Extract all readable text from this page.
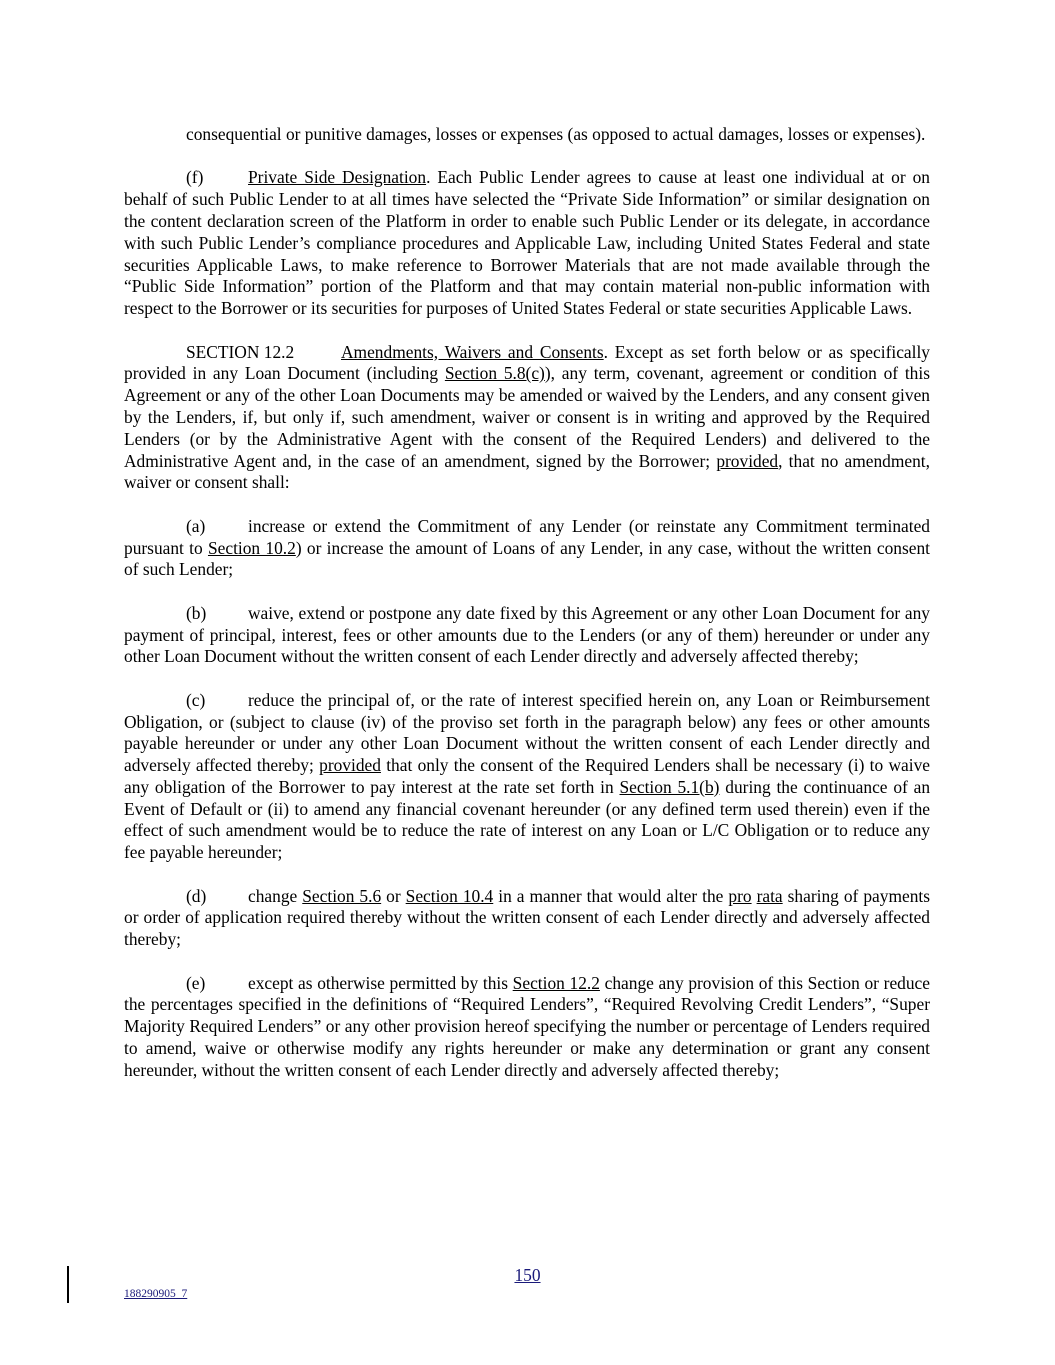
consequential or punitive damages, losses or expenses (as opposed to actual damages, losses or expenses).

(f)	Private Side Designation. Each Public Lender agrees to cause at least one individual at or on behalf of such Public Lender to at all times have selected the “Private Side Information” or similar designation on the content declaration screen of the Platform in order to enable such Public Lender or its delegate, in accordance with such Public Lender’s compliance procedures and Applicable Law, including United States Federal and state securities Applicable Laws, to make reference to Borrower Materials that are not made available through the “Public Side Information” portion of the Platform and that may contain material non-public information with respect to the Borrower or its securities for purposes of United States Federal or state securities Applicable Laws.

SECTION 12.2	Amendments, Waivers and Consents. Except as set forth below or as specifically provided in any Loan Document (including Section 5.8(c)), any term, covenant, agreement or condition of this Agreement or any of the other Loan Documents may be amended or waived by the Lenders, and any consent given by the Lenders, if, but only if, such amendment, waiver or consent is in writing and approved by the Required Lenders (or by the Administrative Agent with the consent of the Required Lenders) and delivered to the Administrative Agent and, in the case of an amendment, signed by the Borrower; provided, that no amendment, waiver or consent shall:

(a) increase or extend the Commitment of any Lender (or reinstate any Commitment terminated pursuant to Section 10.2) or increase the amount of Loans of any Lender, in any case, without the written consent of such Lender;

(b) waive, extend or postpone any date fixed by this Agreement or any other Loan Document for any payment of principal, interest, fees or other amounts due to the Lenders (or any of them) hereunder or under any other Loan Document without the written consent of each Lender directly and adversely affected thereby;

(c) reduce the principal of, or the rate of interest specified herein on, any Loan or Reimbursement Obligation, or (subject to clause (iv) of the proviso set forth in the paragraph below) any fees or other amounts payable hereunder or under any other Loan Document without the written consent of each Lender directly and adversely affected thereby; provided that only the consent of the Required Lenders shall be necessary (i) to waive any obligation of the Borrower to pay interest at the rate set forth in Section 5.1(b) during the continuance of an Event of Default or (ii) to amend any financial covenant hereunder (or any defined term used therein) even if the effect of such amendment would be to reduce the rate of interest on any Loan or L/C Obligation or to reduce any fee payable hereunder;

(d) change Section 5.6 or Section 10.4 in a manner that would alter the pro rata sharing of payments or order of application required thereby without the written consent of each Lender directly and adversely affected thereby;

(e) except as otherwise permitted by this Section 12.2 change any provision of this Section or reduce the percentages specified in the definitions of “Required Lenders”, “Required Revolving Credit Lenders”, “Super Majority Required Lenders” or any other provision hereof specifying the number or percentage of Lenders required to amend, waive or otherwise modify any rights hereunder or make any determination or grant any consent hereunder, without the written consent of each Lender directly and adversely affected thereby;

150
188290905_7
